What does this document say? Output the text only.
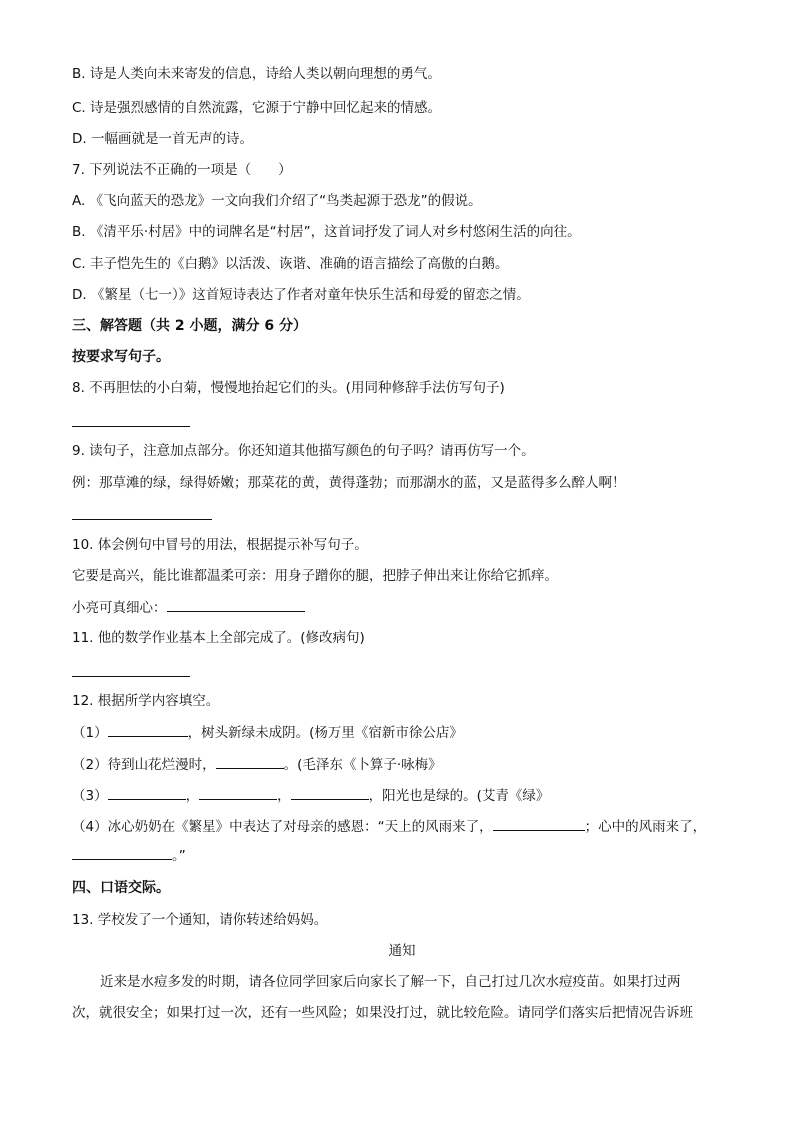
B. 诗是人类向未来寄发的信息，诗给人类以朝向理想的勇气。
C. 诗是强烈感情的自然流露，它源于宁静中回忆起来的情感。
D. 一幅画就是一首无声的诗。
7. 下列说法不正确的一项是（　　）
A. 《飞向蓝天的恐龙》一文向我们介绍了“鸟类起源于恐龙”的假说。
B. 《清平乐·村居》中的词牌名是“村居”，这首词抒发了词人对乡村悠闲生活的向往。
C. 丰子恺先生的《白鹅》以活泼、诙谐、准确的语言描绘了高傲的白鹅。
D. 《繁星（七一）》这首短诗表达了作者对童年快乐生活和母爱的留恋之情。
三、解答题（共 2 小题，满分 6 分）
按要求写句子。
8. 不再胆怯的小白菊，慢慢地抬起它们的头。(用同种修辞手法仿写句子)
9. 读句子，注意加点部分。你还知道其他描写颜色的句子吗？请再仿写一个。
例：那草滩的绿，绿得娇嫩；那菜花的黄，黄得蓬勃；而那湖水的蓝，又是蓝得多么醉人啊！
10. 体会例句中冒号的用法，根据提示补写句子。
它要是高兴，能比谁都温柔可亲：用身子蹭你的腿，把脖子伸出来让你给它抓痒。
小亮可真细心：
11. 他的数学作业基本上全部完成了。(修改病句)
12. 根据所学内容填空。
（1）	，树头新绿未成阴。(杨万里《宿新市徐公店》
（2）待到山花烂漫时，	。(毛泽东《卜算子·咏梅》
（3）	，	，	，阳光也是绿的。(艾青《绿》
（4）冰心奶奶在《繁星》中表达了对母亲的感恩：“天上的风雨来了，	；心中的风雨来了，
。”
四、口语交际。
13. 学校发了一个通知，请你转述给妈妈。
通知
近来是水痘多发的时期，请各位同学回家后向家长了解一下，自己打过几次水痘疫苗。如果打过两
次，就很安全；如果打过一次，还有一些风险；如果没打过，就比较危险。请同学们落实后把情况告诉班
